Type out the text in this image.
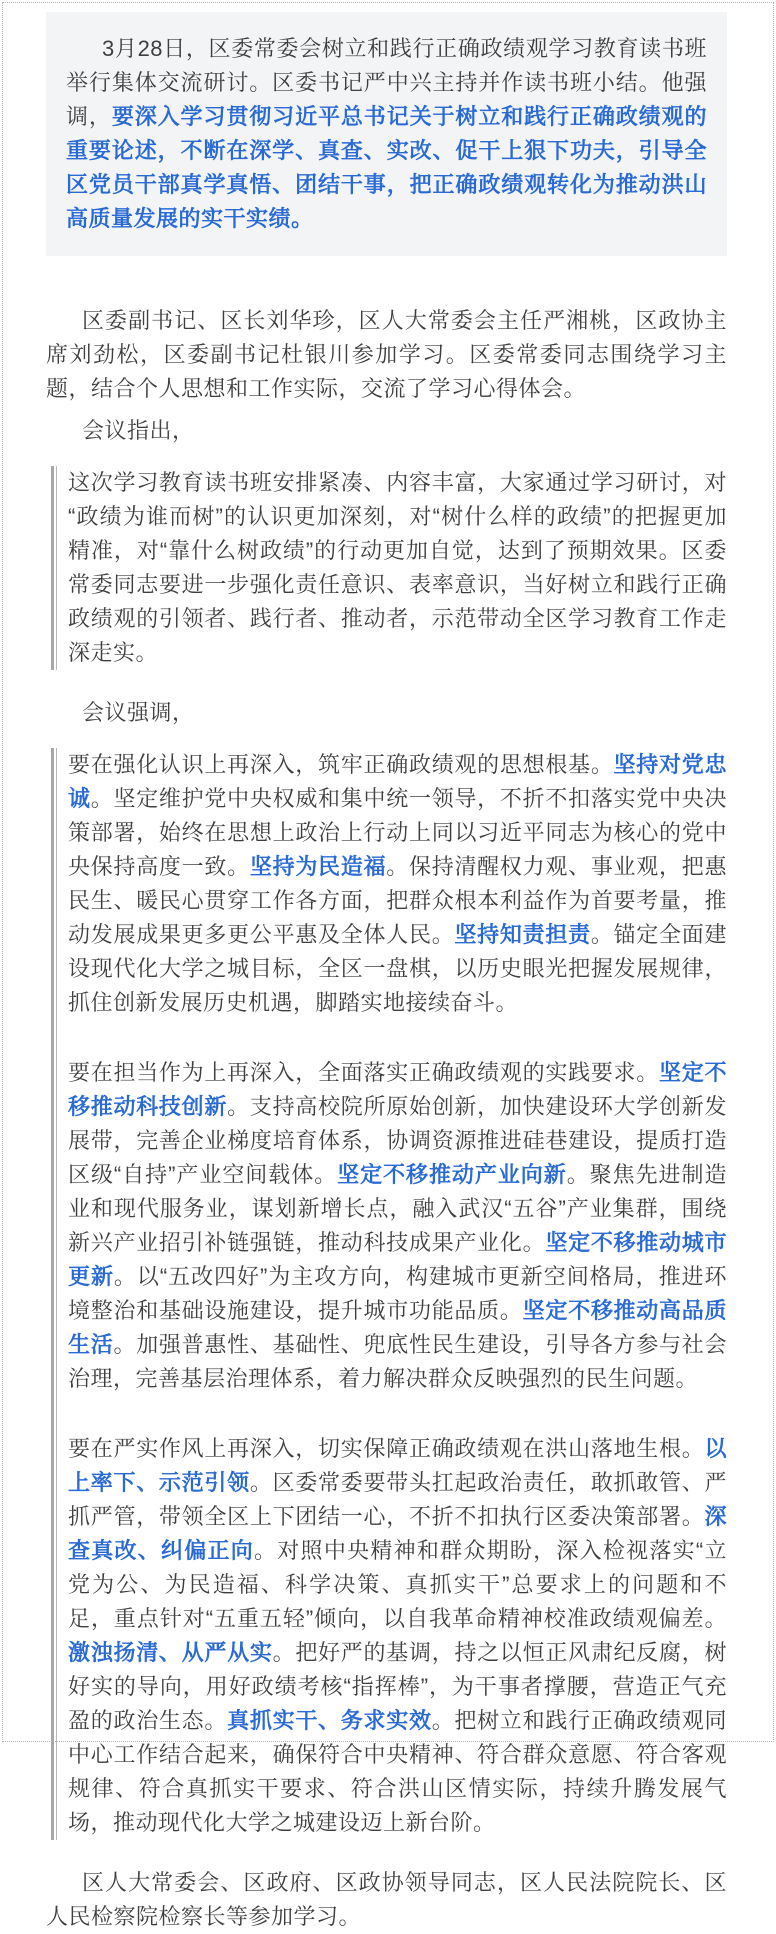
3月28日，区委常委会树立和践行正确政绩观学习教育读书班举行集体交流研讨。区委书记严中兴主持并作读书班小结。他强调，要深入学习贯彻习近平总书记关于树立和践行正确政绩观的重要论述，不断在深学、真查、实改、促干上狠下功夫，引导全区党员干部真学真悟、团结干事，把正确政绩观转化为推动洪山高质量发展的实干实绩。

区委副书记、区长刘华珍，区人大常委会主任严湘桃，区政协主席刘劲松，区委副书记杜银川参加学习。区委常委同志围绕学习主题，结合个人思想和工作实际，交流了学习心得体会。

会议指出，

这次学习教育读书班安排紧凑、内容丰富，大家通过学习研讨，对“政绩为谁而树”的认识更加深刻，对“树什么样的政绩”的把握更加精准，对“靠什么树政绩”的行动更加自觉，达到了预期效果。区委常委同志要进一步强化责任意识、表率意识，当好树立和践行正确政绩观的引领者、践行者、推动者，示范带动全区学习教育工作走深走实。

会议强调，

要在强化认识上再深入，筑牢正确政绩观的思想根基。坚持对党忠诚。坚定维护党中央权威和集中统一领导，不折不扣落实党中央决策部署，始终在思想上政治上行动上同以习近平同志为核心的党中央保持高度一致。坚持为民造福。保持清醒权力观、事业观，把惠民生、暖民心贯穿工作各方面，把群众根本利益作为首要考量，推动发展成果更多更公平惠及全体人民。坚持知责担责。锚定全面建设现代化大学之城目标，全区一盘棋，以历史眼光把握发展规律，抓住创新发展历史机遇，脚踏实地接续奋斗。

要在担当作为上再深入，全面落实正确政绩观的实践要求。坚定不移推动科技创新。支持高校院所原始创新，加快建设环大学创新发展带，完善企业梯度培育体系，协调资源推进硅巷建设，提质打造区级“自持”产业空间载体。坚定不移推动产业向新。聚焦先进制造业和现代服务业，谋划新增长点，融入武汉“五谷”产业集群，围绕新兴产业招引补链强链，推动科技成果产业化。坚定不移推动城市更新。以“五改四好”为主攻方向，构建城市更新空间格局，推进环境整治和基础设施建设，提升城市功能品质。坚定不移推动高品质生活。加强普惠性、基础性、兜底性民生建设，引导各方参与社会治理，完善基层治理体系，着力解决群众反映强烈的民生问题。

要在严实作风上再深入，切实保障正确政绩观在洪山落地生根。以上率下、示范引领。区委常委要带头扛起政治责任，敢抓敢管、严抓严管，带领全区上下团结一心，不折不扣执行区委决策部署。深查真改、纠偏正向。对照中央精神和群众期盼，深入检视落实“立党为公、为民造福、科学决策、真抓实干”总要求上的问题和不足，重点针对“五重五轻”倾向，以自我革命精神校准政绩观偏差。激浊扬清、从严从实。把好严的基调，持之以恒正风肃纪反腐，树好实的导向，用好政绩考核“指挥棒”，为干事者撑腰，营造正气充盈的政治生态。真抓实干、务求实效。把树立和践行正确政绩观同中心工作结合起来，确保符合中央精神、符合群众意愿、符合客观规律、符合真抓实干要求、符合洪山区情实际，持续升腾发展气场，推动现代化大学之城建设迈上新台阶。

区人大常委会、区政府、区政协领导同志，区人民法院院长、区人民检察院检察长等参加学习。
